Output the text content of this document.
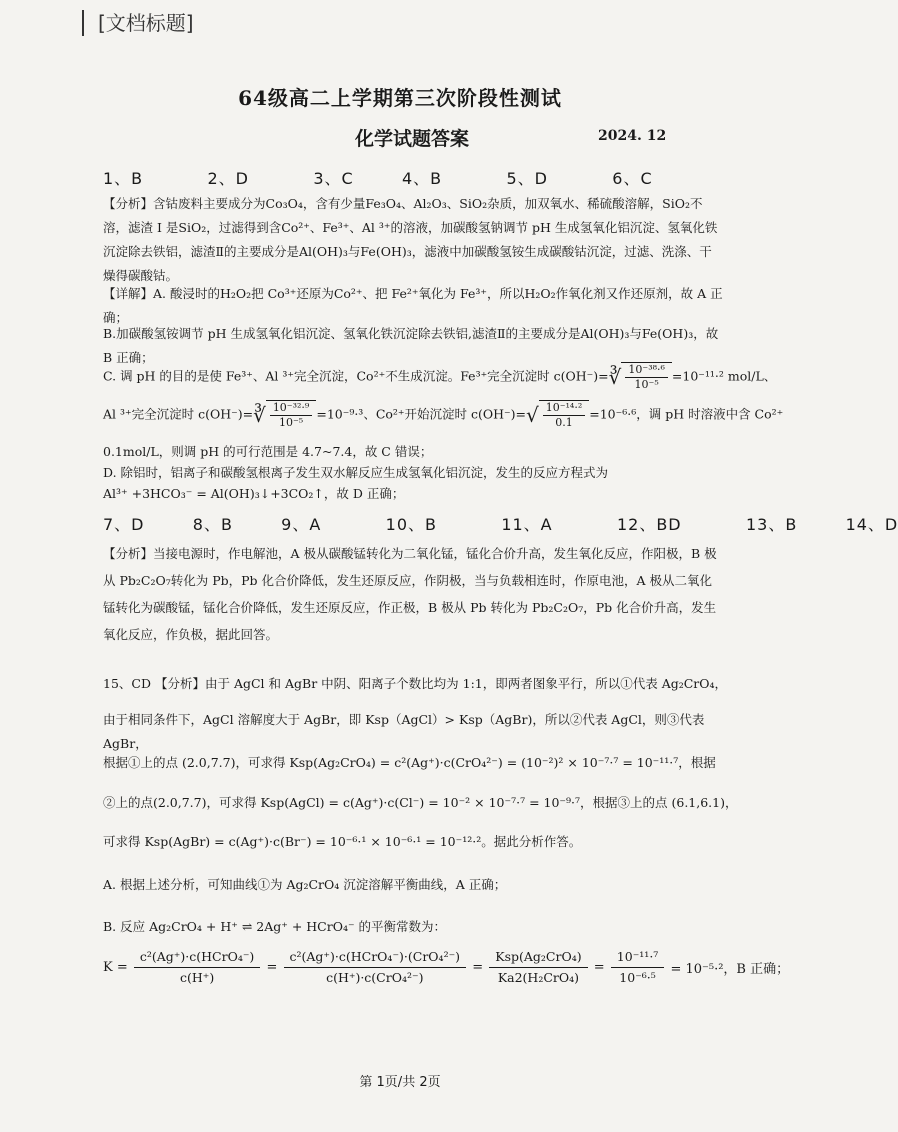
[文档标题]
64级高二上学期第三次阶段性测试
化学试题答案	2024. 12
1、B    2、D    3、C   4、B    5、D    6、C
【分析】含钴废料主要成分为Co₃O₄，含有少量Fe₃O₄、Al₂O₃、SiO₂杂质，加双氧水、稀硫酸溶解，SiO₂不溶，滤渣 I 是SiO₂，过滤得到含Co²⁺、Fe³⁺、Al ³⁺的溶液，加碳酸氢钠调节 pH 生成氢氧化铝沉淀、氢氧化铁沉淀除去铁铝，滤渣Ⅱ的主要成分是Al(OH)₃与Fe(OH)₃，滤液中加碳酸氢铵生成碳酸钴沉淀，过滤、洗涤、干燥得碳酸钴。
【详解】A. 酸浸时的H₂O₂把 Co³⁺还原为Co²⁺、把 Fe²⁺氧化为 Fe³⁺，所以H₂O₂作氧化剂又作还原剂，故 A 正确；
B.加碳酸氢铵调节 pH 生成氢氧化铝沉淀、氢氧化铁沉淀除去铁铝,滤渣Ⅱ的主要成分是Al(OH)₃与Fe(OH)₃，故 B 正确；
C. 调 pH 的目的是使 Fe³⁺、Al ³⁺完全沉淀，Co²⁺不生成沉淀。Fe³⁺完全沉淀时 c(OH⁻)=∛ $\frac{\text{10⁻³⁸·⁶}}{\text{10⁻⁵}} =10^{-11}\cdot^2$ mol/L、
Al ³⁺完全沉淀时 c(OH⁻)=∛ $\frac{\text{10⁻³²·⁹}}{\text{10⁻⁵}} =10^{-9}\cdot^3$、Co²⁺开始沉淀时 $c(OH^-)=√ \frac{\text{10⁻¹⁴·²}}{0.1} =10^{-6}\cdot^6$，调 pH 时溶液中含 Co²⁺
0.1mol/L，则调 pH 的可行范围是 4.7~7.4，故 C 错误；
D. 除铝时，铝离子和碳酸氢根离子发生双水解反应生成氢氧化铝沉淀，发生的反应方程式为
Al³⁺ +3HCO₃⁻ = Al(OH)₃↓+3CO₂↑，故 D 正确；
7、D   8、B   9、A    10、B    11、A    12、BD    13、B   14、D
【分析】当接电源时，作电解池，A 极从碳酸锰转化为二氧化锰，锰化合价升高，发生氧化反应，作阳极，B 极从 Pb₂C₂O₇转化为 Pb，Pb 化合价降低，发生还原反应，作阴极，当与负载相连时，作原电池，A 极从二氧化锰转化为碳酸锰，锰化合价降低，发生还原反应，作正极，B 极从 Pb 转化为 Pb₂C₂O₇，Pb 化合价升高，发生氧化反应，作负极，据此回答。
15、CD 【分析】由于 AgCl 和 AgBr 中阴、阳离子个数比均为 1:1，即两者图象平行，所以①代表 Ag₂CrO₄，
由于相同条件下，AgCl 溶解度大于 AgBr，即 Ksp（AgCl）> Ksp（AgBr)，所以②代表 AgCl，则③代表 AgBr，
根据①上的点 (2.0,7.7)，可求得 Ksp(Ag₂CrO₄) = c²(Ag⁺)·c(CrO₄²⁻) = (10⁻²)² × 10⁻⁷·⁷ = 10⁻¹¹·⁷，根据
②上的点(2.0,7.7)，可求得 Ksp(AgCl) = c(Ag⁺)·c(Cl⁻) = 10⁻² × 10⁻⁷·⁷ = 10⁻⁹·⁷，根据③上的点 (6.1,6.1)，
可求得 Ksp(AgBr) = c(Ag⁺)·c(Br⁻) = 10⁻⁶·¹ × 10⁻⁶·¹ = 10⁻¹²·²。据此分析作答。
A. 根据上述分析，可知曲线①为 Ag₂CrO₄ 沉淀溶解平衡曲线，A 正确；
B. 反应 Ag₂CrO₄ + H⁺ ⇌ 2Ag⁺ + HCrO₄⁻ 的平衡常数为：
$K = \frac{\text{c²(Ag⁺)·c(HCrO₄⁻)}}{c(H^+)} = \frac{\text{c²(Ag⁺)·c(HCrO₄⁻)·(CrO₄²⁻)}}{\text{c(H⁺)·c(CrO₄²⁻)}} = \frac{\text{Ksp(Ag₂CrO₄)}}{\text{Ka2(H₂CrO₄)}} = \frac{\text{10⁻¹¹·⁷}}{\text{10⁻⁶·⁵}} = 10^{-5}\cdot^2$，B 正确；
第 1页/共 2页
